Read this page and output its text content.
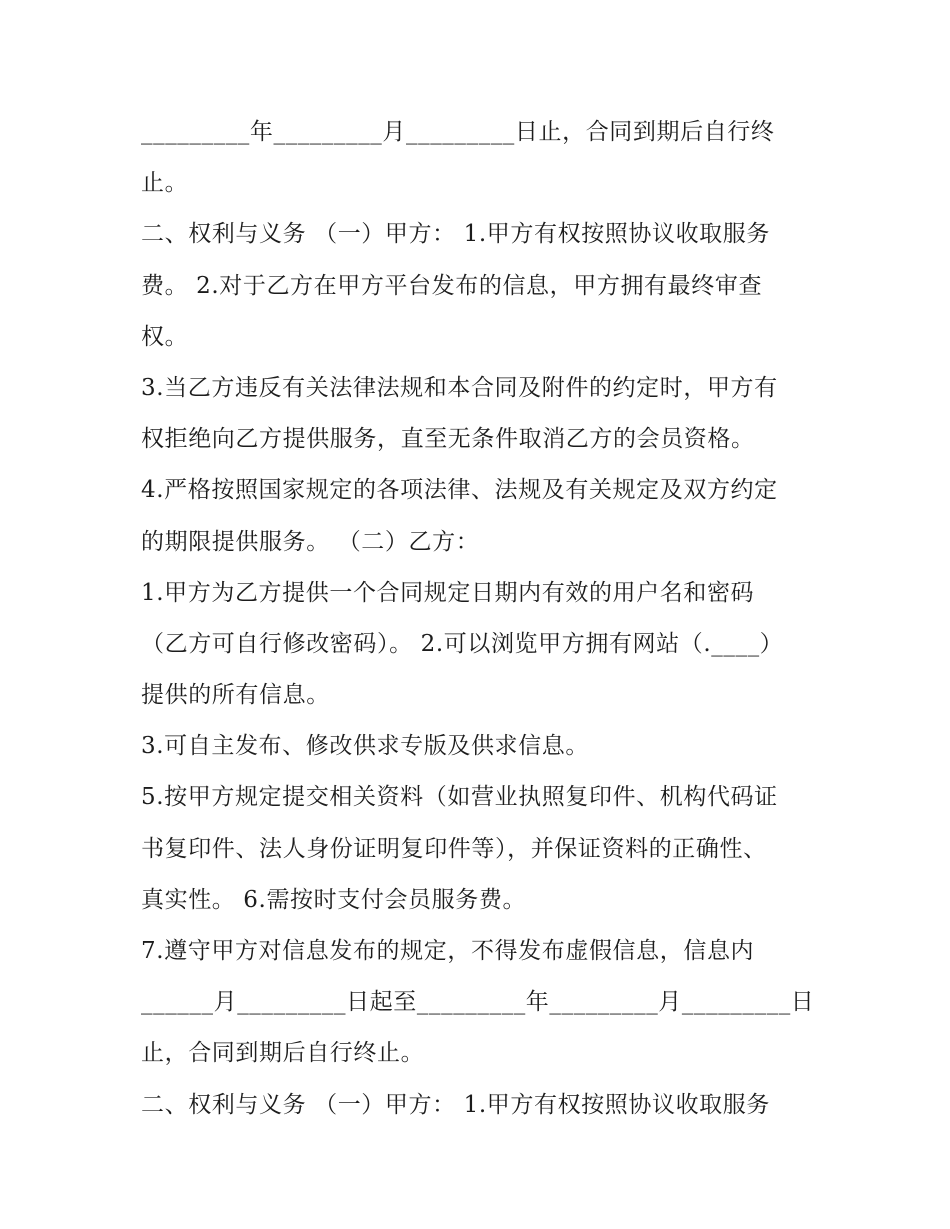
_________年_________月_________日止，合同到期后自行终

止。

二、权利与义务 （一）甲方： 1.甲方有权按照协议收取服务

费。 2.对于乙方在甲方平台发布的信息，甲方拥有最终审查

权。

3.当乙方违反有关法律法规和本合同及附件的约定时，甲方有

权拒绝向乙方提供服务，直至无条件取消乙方的会员资格。

4.严格按照国家规定的各项法律、法规及有关规定及双方约定

的期限提供服务。 （二）乙方：

1.甲方为乙方提供一个合同规定日期内有效的用户名和密码

（乙方可自行修改密码）。 2.可以浏览甲方拥有网站（.____）

提供的所有信息。

3.可自主发布、修改供求专版及供求信息。

5.按甲方规定提交相关资料（如营业执照复印件、机构代码证

书复印件、法人身份证明复印件等），并保证资料的正确性、

真实性。 6.需按时支付会员服务费。

7.遵守甲方对信息发布的规定，不得发布虚假信息，信息内

______月_________日起至_________年_________月_________日

止，合同到期后自行终止。

二、权利与义务 （一）甲方： 1.甲方有权按照协议收取服务
